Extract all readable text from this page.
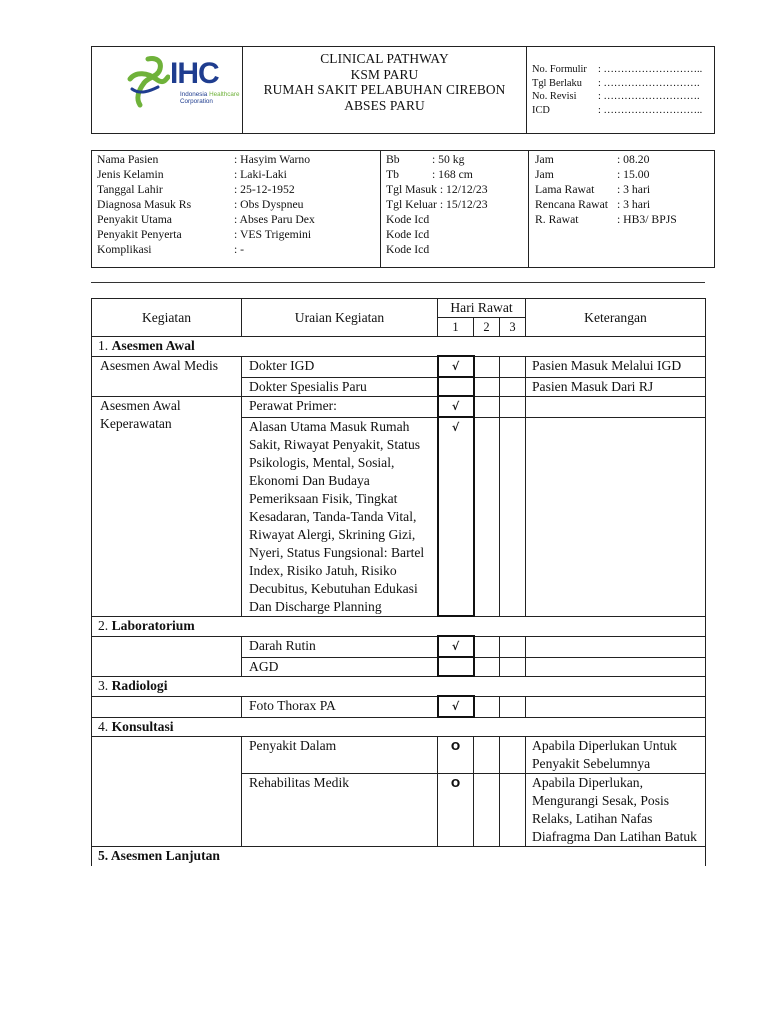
IHC
Indonesia Healthcare
Corporation
CLINICAL PATHWAY
KSM PARU
RUMAH SAKIT PELABUHAN CIREBON
ABSES PARU
No. Formulir	: ………………………..
Tgl Berlaku	: ……………………….
No. Revisi	: ……………………….
ICD	: ………………………..
Nama Pasien	: Hasyim Warno
Jenis Kelamin	: Laki-Laki
Tanggal Lahir	: 25-12-1952
Diagnosa Masuk Rs	: Obs Dyspneu
Penyakit Utama	: Abses Paru Dex
Penyakit Penyerta	: VES Trigemini
Komplikasi	: -
Bb	: 50 kg
Tb	: 168 cm
Tgl Masuk : 12/12/23
Tgl Keluar : 15/12/23
Kode Icd
Kode Icd
Kode Icd
Jam	: 08.20
Jam	: 15.00
Lama Rawat	: 3 hari
Rencana Rawat : 3 hari
R. Rawat	: HB3/ BPJS
Kegiatan	Uraian Kegiatan	Hari Rawat			Keterangan
		1	2	3	
1. Asesmen Awal					
Asesmen Awal Medis	Dokter IGD	√			Pasien Masuk Melalui IGD
	Dokter Spesialis Paru				Pasien Masuk Dari RJ
Asesmen Awal Keperawatan	Perawat Primer:	√			
	Alasan Utama Masuk Rumah Sakit, Riwayat Penyakit, Status Psikologis, Mental, Sosial, Ekonomi Dan Budaya Pemeriksaan Fisik, Tingkat Kesadaran, Tanda-Tanda Vital, Riwayat Alergi, Skrining Gizi, Nyeri, Status Fungsional: Bartel Index, Risiko Jatuh, Risiko Decubitus, Kebutuhan Edukasi Dan Discharge Planning	√			
2. Laboratorium					
	Darah Rutin	√			
	AGD				
3. Radiologi					
	Foto Thorax PA	√			
4. Konsultasi					
	Penyakit Dalam	O			Apabila Diperlukan Untuk Penyakit Sebelumnya
	Rehabilitas Medik	O			Apabila Diperlukan, Mengurangi Sesak, Posis Relaks, Latihan Nafas Diafragma Dan Latihan Batuk
5. Asesmen Lanjutan					
